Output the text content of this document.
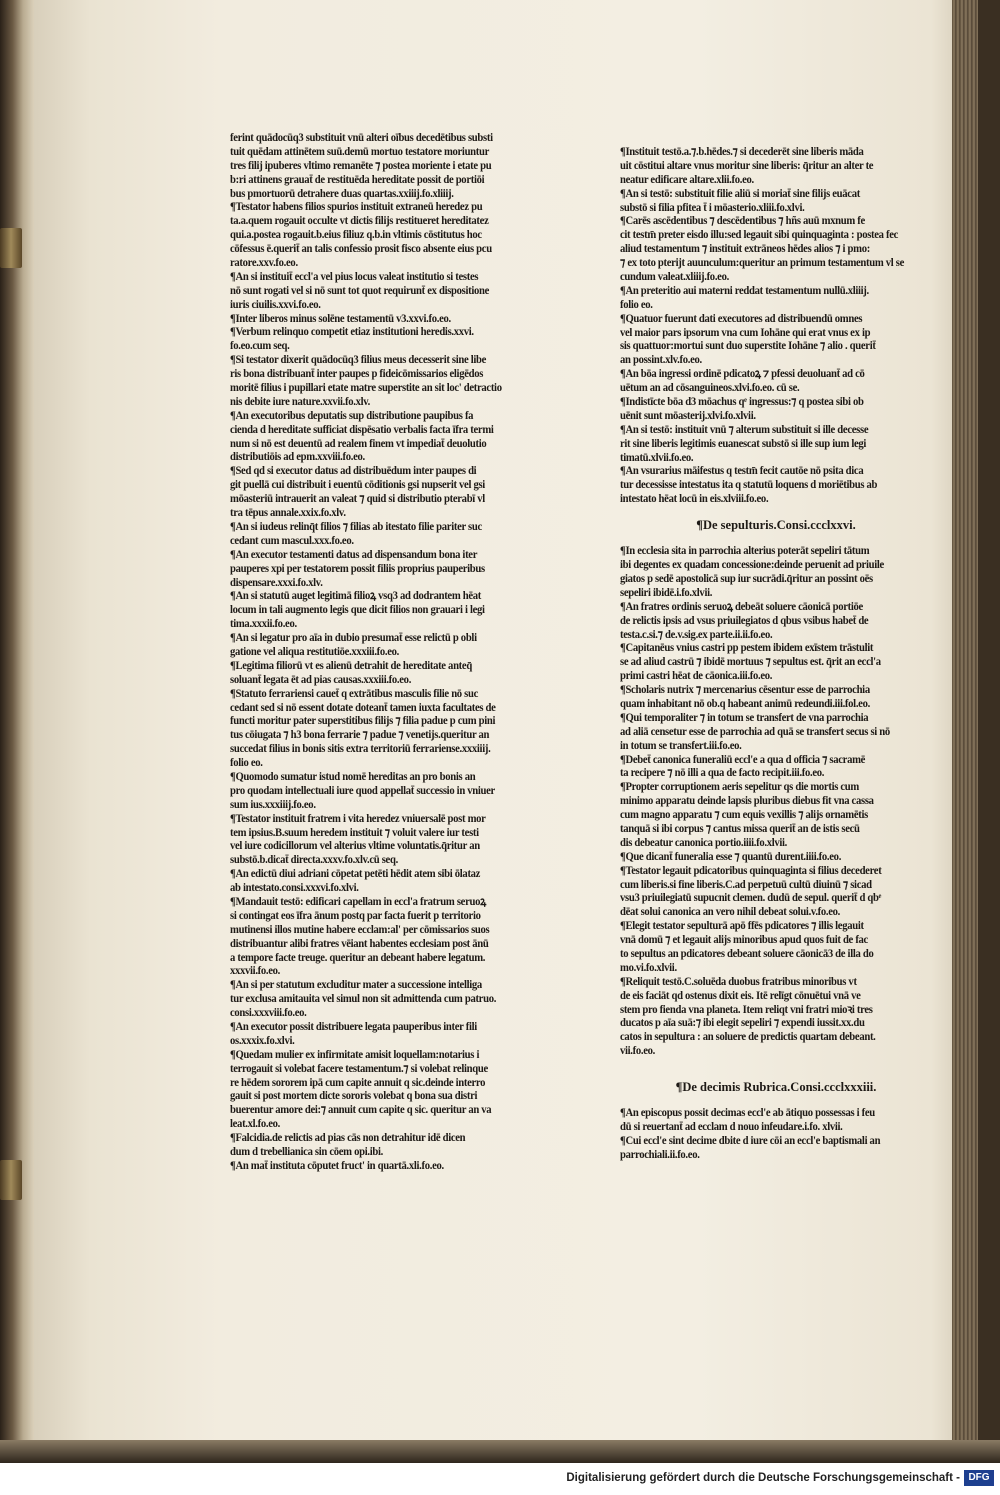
ferint quādocūq3 substituit vnū alteri oībus decedētibus substi
tuit quēdam attinētem suū.demū mortuo testatore moriuntur
tres filij ipuberes vltimo remanēte ⁊ postea moriente i etate pu
b:ri attinens grauat̄ de restituēda hereditate possit de portiōi
bus pmortuorū detrahere duas quartas.xxiiij.fo.xliiij.
¶Testator habens filios spurios instituit extraneū heredez pu
ta.a.quem rogauit occulte vt dictis filijs restitueret hereditatez
qui.a.postea rogauit.b.eius filiuz q.b.in vltimis cōstitutus hoc
cōfessus ē.querit̄ an talis confessio prosit fisco absente eius pcu
ratore.xxv.fo.eo.
¶An si instituit̄ eccl'a vel pius locus valeat institutio si testes
nō sunt rogati vel si nō sunt tot quot requirunt̄ ex dispositione
iuris ciuilis.xxvi.fo.eo.
¶Inter liberos minus solēne testamentū v3.xxvi.fo.eo.
¶Verbum relinquo competit etiaz institutioni heredis.xxvi.
fo.eo.cum seq.
¶Si testator dixerit quādocūq3 filius meus decesserit sine libe
ris bona distribuant̄ inter paupes p fideicōmissarios eligēdos
moritē filius i pupillari etate matre superstite an sit loc' detractio
nis debite iure nature.xxvii.fo.xlv.
¶An executoribus deputatis sup distributione paupibus fa
cienda d hereditate sufficiat dispēsatio verbalis facta īfra termi
num si nō est deuentū ad realem finem vt impediat̄ deuolutio
distributiōis ad epm.xxviii.fo.eo.
¶Sed qd si executor datus ad distribuēdum inter paupes di
git puellā cui distribuit i euentū cōditionis gsi nupserit vel gsi
mōasteriū intrauerit an valeat ⁊ quid si distributio pterabī vl
tra tēpus annale.xxix.fo.xlv.
¶An si iudeus relinq̄t filios ⁊ filias ab itestato filie pariter suc
cedant cum mascul.xxx.fo.eo.
¶An executor testamenti datus ad dispensandum bona iter
pauperes xpi per testatorem possit filiis proprius pauperibus
dispensare.xxxi.fo.xlv.
¶An si statutū auget legitimā filioꝝ vsq3 ad dodrantem hēat
locum in tali augmento legis que dicit filios non grauari i legi
tima.xxxii.fo.eo.
¶An si legatur pro aīa in dubio presumat̄ esse relictū p obli
gatione vel aliqua restitutiōe.xxxiii.fo.eo.
¶Legitima filiorū vt es alienū detrahit de hereditate anteq̄
soluant̄ legata ēt ad pias causas.xxxiii.fo.eo.
¶Statuto ferrariensi cauet̄ q extrātibus masculis filie nō suc
cedant sed si nō essent dotate doteant̄ tamen iuxta facultates de
functi moritur pater superstitibus filijs ⁊ filia padue p cum pini
tus cōiugata ⁊ h3 bona ferrarie ⁊ padue ⁊ venetijs.queritur an
succedat filius in bonis sitis extra territoriū ferrariense.xxxiiij.
folio eo.
¶Quomodo sumatur istud nomē hereditas an pro bonis an
pro quodam intellectuali iure quod appellat̄ successio in vniuer
sum ius.xxxiiij.fo.eo.
¶Testator instituit fratrem i vita heredez vniuersalē post mor
tem ipsius.B.suum heredem instituit ⁊ voluit valere iur testi
vel iure codicillorum vel alterius vltime voluntatis.q̄ritur an
substō.b.dicat̄ directa.xxxv.fo.xlv.cū seq.
¶An edictū diui adriani cōpetat petēti hēdit atem sibi ōlataz
ab intestato.consi.xxxvi.fo.xlvi.
¶Mandauit testō: edificari capellam in eccl'a fratrum seruoꝝ
si contingat eos īfra ānum postq par facta fuerit p territorio
mutinensi illos mutine habere ecclam:al' per cōmissarios suos
distribuantur alibi fratres vēiant habentes ecclesiam post ānū
a tempore facte treuge. queritur an debeant habere legatum.
xxxvii.fo.eo.
¶An si per statutum excluditur mater a successione intelliga
tur exclusa amitauita vel simul non sit admittenda cum patruo.
consi.xxxviii.fo.eo.
¶An executor possit distribuere legata pauperibus inter fili
os.xxxix.fo.xlvi.
¶Quedam mulier ex infirmitate amisit loquellam:notarius i
terrogauit si volebat facere testamentum.⁊ si volebat relinque
re hēdem sororem ipā cum capite annuit q sic.deinde interro
gauit si post mortem dicte sororis volebat q bona sua distri
buerentur amore dei:⁊ annuit cum capite q sic. queritur an va
leat.xl.fo.eo.
¶Falcidia.de relictis ad pias cās non detrahitur idē dicen
dum d trebellianica sin cōem opi.ibi.
¶An mat̄ instituta cōputet fruct' in quartā.xli.fo.eo.
¶Instituit testō.a.⁊.b.hēdes.⁊ si decederēt sine liberis māda
uit cōstitui altare vnus moritur sine liberis: q̄ritur an alter te
neatur edificare altare.xlii.fo.eo.
¶An si testō: substituit filie aliū si moriat̄ sine filijs euācat
substō si filia pfitea t̄ i mōasterio.xliii.fo.xlvi.
¶Carēs ascēdentibus ⁊ descēdentibus ⁊ hñs auū mxnum fe
cit testm̄ preter eisdo illu:sed legauit sibi quinquaginta : postea fec
aliud testamentum ⁊ instituit extrāneos hēdes alios ⁊ i pmo:
⁊ ex toto pterijt auunculum:queritur an primum testamentum vl se
cundum valeat.xliiij.fo.eo.
¶An preteritio aui materni reddat testamentum nullū.xliiij.
folio eo.
¶Quatuor fuerunt dati executores ad distribuendū omnes
vel maior pars ipsorum vna cum Iohāne qui erat vnus ex ip
sis quattuor:mortui sunt duo superstite Iohāne ⁊ alio . querit̄
an possint.xlv.fo.eo.
¶An bōa ingressi ordinē pdicatoꝝ ⁊ pfessi deuoluant̄ ad cō
uētum an ad cōsanguineos.xlvi.fo.eo. cū se.
¶Indistīcte bōa d3 mōachus qᵉ ingressus:⁊ q postea sibi ob
uēnit sunt mōasterij.xlvi.fo.xlvii.
¶An si testō: instituit vnū ⁊ alterum substituit si ille decesse
rit sine liberis legitimis euanescat substō si ille sup ium legi
timatū.xlvii.fo.eo.
¶An vsurarius māifestus q testm̄ fecit cautōe nō psita dica
tur decessisse intestatus ita q statutū loquens d moriētibus ab
intestato hēat locū in eis.xlviii.fo.eo.
¶De sepulturis.Consi.ccclxxvi.
¶In ecclesia sita in parrochia alterius poterāt sepeliri tātum
ibi degentes ex quadam concessione:deinde peruenit ad priuile
giatos p sedē apostolicā sup iur sucrādi.q̄ritur an possint oēs
sepeliri ibidē.i.fo.xlvii.
¶An fratres ordinis seruoꝝ debeāt soluere cāonicā portiōe
de relictis ipsis ad vsus priuilegiatos d qbus vsibus habet̄ de
testa.c.si.⁊ de.v.sig.ex parte.ii.ii.fo.eo.
¶Capitanēus vnius castri pp pestem ibidem exīstem trāstulit
se ad aliud castrū ⁊ ibidē mortuus ⁊ sepultus est. q̄rit an eccl'a
primi castri hēat de cāonica.iii.fo.eo.
¶Scholaris nutrix ⁊ mercenarius cēsentur esse de parrochia
quam inhabitant nō ob.q habeant animū redeundi.iii.fol.eo.
¶Qui temporaliter ⁊ in totum se transfert de vna parrochia
ad aliā censetur esse de parrochia ad quā se transfert secus si nō
in totum se transfert.iii.fo.eo.
¶Debet̄ canonica funeraliū eccl'e a qua d officia ⁊ sacramē
ta recipere ⁊ nō illi a qua de facto recipit.iii.fo.eo.
¶Propter corruptionem aeris sepelitur qs die mortis cum
minimo apparatu deinde lapsis pluribus diebus fit vna cassa
cum magno apparatu ⁊ cum equis vexillis ⁊ alijs ornamētis
tanquā si ibi corpus ⁊ cantus missa querit̄ an de istis secū
dis debeatur canonica portio.iiii.fo.xlvii.
¶Que dicant̄ funeralia esse ⁊ quantū durent.iiii.fo.eo.
¶Testator legauit pdicatoribus quinquaginta si filius decederet
cum liberis.si fine liberis.C.ad perpetuū cultū diuinū ⁊ sicad
vsu3 priuilegiatū supucnit clemen. dudū de sepul. querit̄ d qbᵉ
dēat solui canonica an vero nihil debeat solui.v.fo.eo.
¶Elegit testator sepulturā apō ffēs pdicatores ⁊ illis legauit
vnā domū ⁊ et legauit alijs minoribus apud quos fuit de fac
to sepultus an pdicatores debeant soluere cāonicā3 de illa do
mo.vi.fo.xlvii.
¶Reliquit testō.C.soluēda duobus fratribus minoribus vt
de eis faciāt qd ostenus dixit eis. Itē relīgt cōnuētui vnā ve
stem pro fienda vna planeta. Item reliqt vni fratri mioꝛi tres
ducatos p aīa suā:⁊ ibi elegit sepeliri ⁊ expendi iussit.xx.du
catos in sepultura : an soluere de predictis quartam debeant.
vii.fo.eo.
¶De decimis Rubrica.Consi.ccclxxxiii.
¶An episcopus possit decimas eccl'e ab ātiquo possessas i feu
dū si reuertant̄ ad ecclam d nouo infeudare.i.fo. xlvii.
¶Cui eccl'e sint decime dbite d iure cōi an eccl'e baptismali an
parrochiali.ii.fo.eo.
Digitalisierung gefördert durch die Deutsche Forschungsgemeinschaft - DFG
